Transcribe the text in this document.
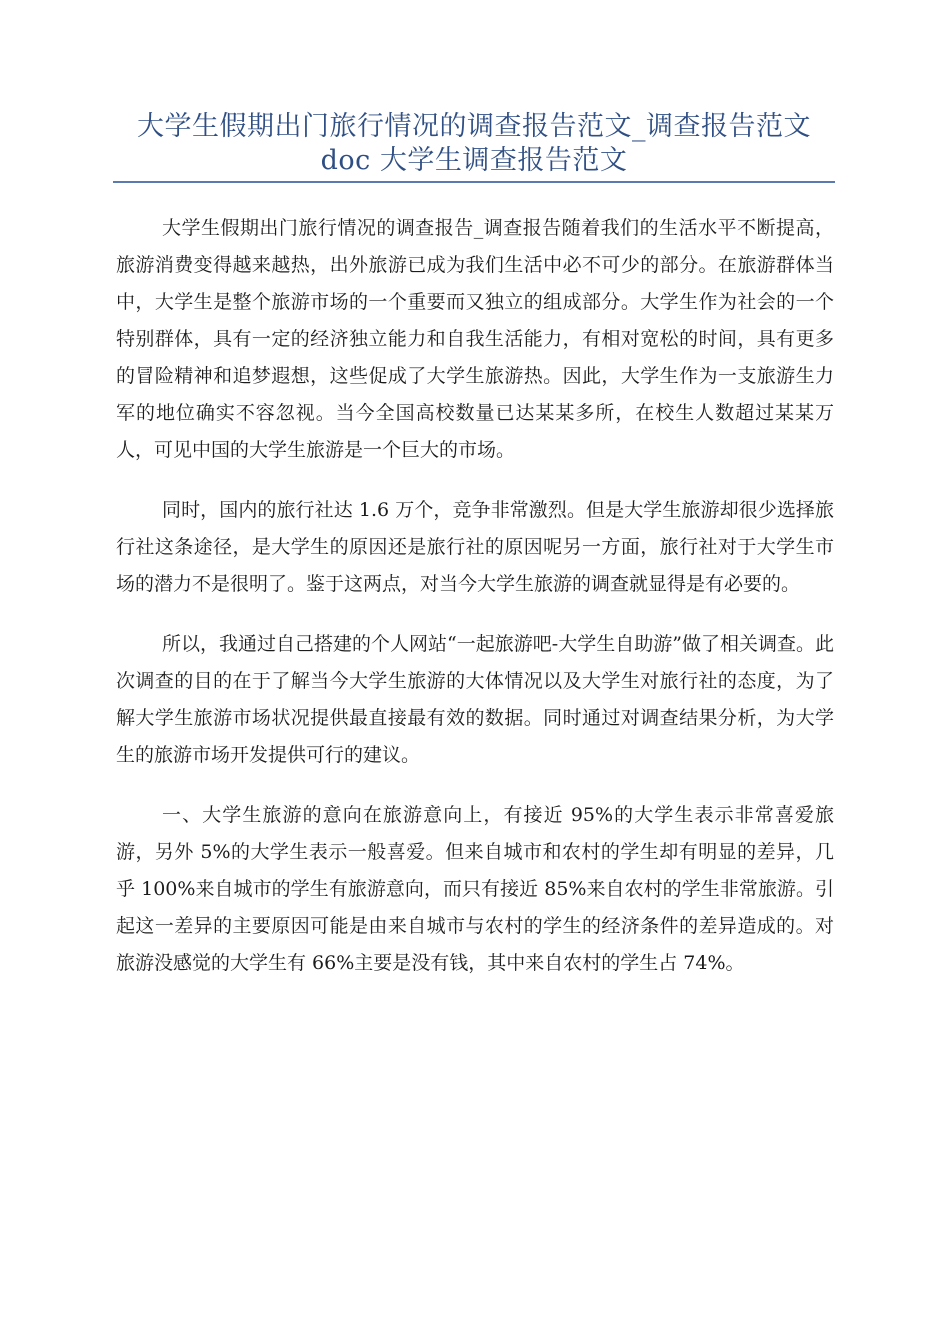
大学生假期出门旅行情况的调查报告范文_调查报告范文
doc 大学生调查报告范文

大学生假期出门旅行情况的调查报告_调查报告随着我们的生活水平不断提高，旅游消费变得越来越热，出外旅游已成为我们生活中必不可少的部分。在旅游群体当中，大学生是整个旅游市场的一个重要而又独立的组成部分。大学生作为社会的一个特别群体，具有一定的经济独立能力和自我生活能力，有相对宽松的时间，具有更多的冒险精神和追梦遐想，这些促成了大学生旅游热。因此，大学生作为一支旅游生力军的地位确实不容忽视。当今全国高校数量已达某某多所，在校生人数超过某某万人，可见中国的大学生旅游是一个巨大的市场。

同时，国内的旅行社达 1.6 万个，竞争非常激烈。但是大学生旅游却很少选择旅行社这条途径，是大学生的原因还是旅行社的原因呢另一方面，旅行社对于大学生市场的潜力不是很明了。鉴于这两点，对当今大学生旅游的调查就显得是有必要的。

所以，我通过自己搭建的个人网站“一起旅游吧-大学生自助游”做了相关调查。此次调查的目的在于了解当今大学生旅游的大体情况以及大学生对旅行社的态度，为了解大学生旅游市场状况提供最直接最有效的数据。同时通过对调查结果分析，为大学生的旅游市场开发提供可行的建议。

一、大学生旅游的意向在旅游意向上，有接近 95%的大学生表示非常喜爱旅游，另外 5%的大学生表示一般喜爱。但来自城市和农村的学生却有明显的差异，几乎 100%来自城市的学生有旅游意向，而只有接近 85%来自农村的学生非常旅游。引起这一差异的主要原因可能是由来自城市与农村的学生的经济条件的差异造成的。对旅游没感觉的大学生有 66%主要是没有钱，其中来自农村的学生占 74%。
